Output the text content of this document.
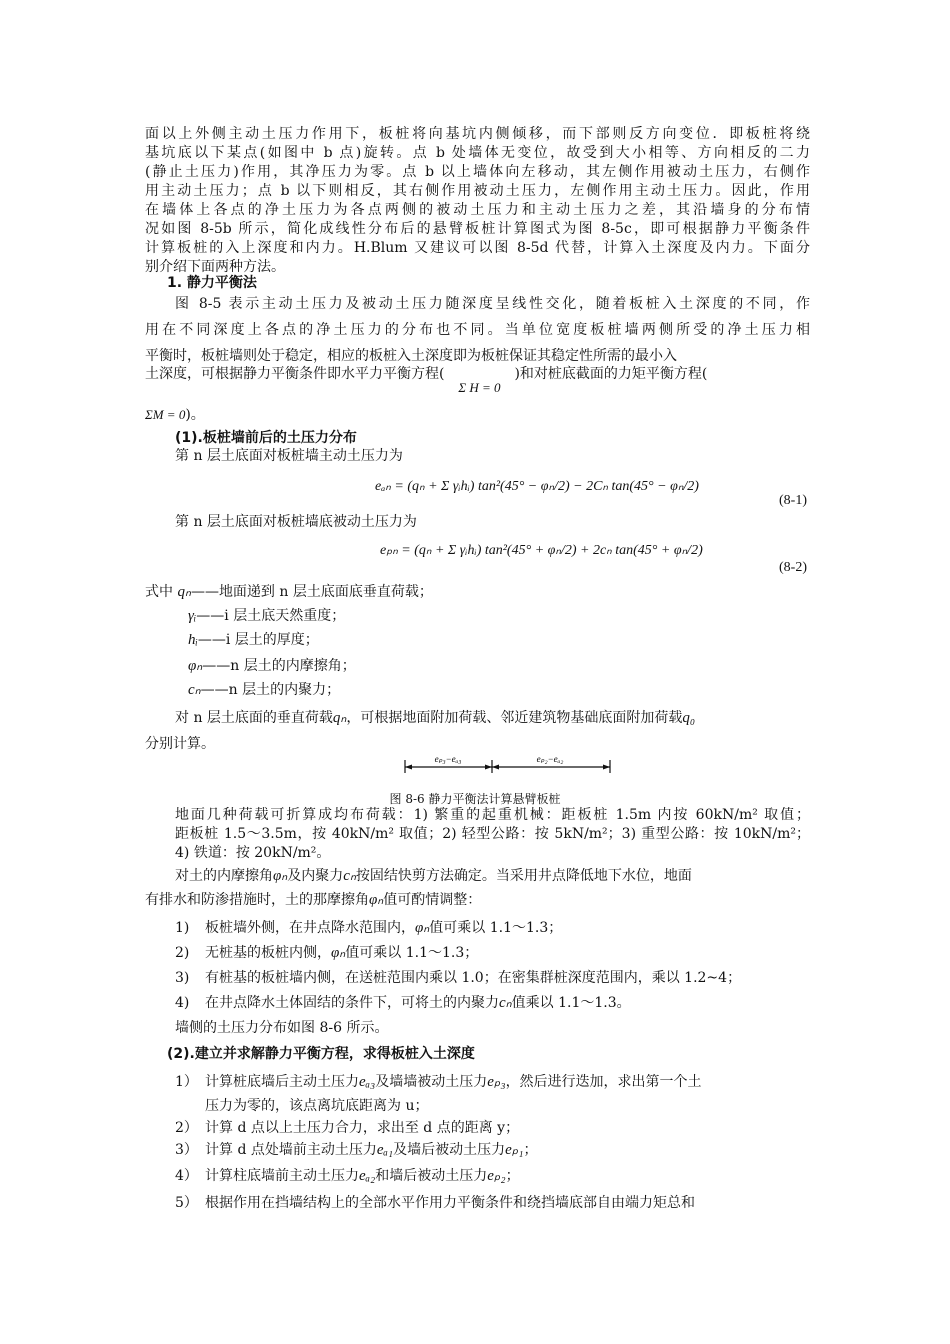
面以上外侧主动土压力作用下，板桩将向基坑内侧倾移，而下部则反方向变位．即板桩将绕
基坑底以下某点(如图中 b 点)旋转。点 b 处墙体无变位，故受到大小相等、方向相反的二力
(静止土压力)作用，其净压力为零。点 b 以上墙体向左移动，其左侧作用被动土压力，右侧作
用主动土压力；点 b 以下则相反，其右侧作用被动土压力，左侧作用主动土压力。因此，作用
在墙体上各点的净土压力为各点两侧的被动土压力和主动土压力之差，其沿墙身的分布情
况如图 8-5b 所示，简化成线性分布后的悬臂板桩计算图式为图 8-5c，即可根据静力平衡条件
计算板桩的入上深度和内力。H.Blum 又建议可以图 8-5d 代替，计算入土深度及内力。下面分
别介绍下面两种方法。
1. 静力平衡法
图 8-5 表示主动土压力及被动土压力随深度呈线性交化，随着板桩入土深度的不同，作
用在不同深度上各点的净土压力的分布也不同。当单位宽度板桩墙两侧所受的净土压力相
平衡时，板桩墙则处于稳定，相应的板桩入土深度即为板桩保证其稳定性所需的最小入
土深度，可根据静力平衡条件即水平力平衡方程(Σ H = 0)和对桩底截面的力矩平衡方程(
ΣM = 0)。
(1).板桩墙前后的土压力分布
第 n 层土底面对板桩墙主动土压力为
eₐₙ = (qₙ + Σ γᵢhᵢ) tan²(45° − φₙ/2) − 2Cₙ tan(45° − φₙ/2)
(8-1)
第 n 层土底面对板桩墙底被动土压力为
eₚₙ = (qₙ + Σ γᵢhᵢ) tan²(45° + φₙ/2) + 2cₙ tan(45° + φₙ/2)
(8-2)
式中 qₙ——地面递到 n 层土底面底垂直荷载；
γᵢ——i 层土底天然重度；
hᵢ——i 层土的厚度；
φₙ——n 层土的内摩擦角；
cₙ——n 层土的内聚力；
对 n 层土底面的垂直荷载qₙ，可根据地面附加荷载、邻近建筑物基础底面附加荷载q₀
分别计算。
eₚ₃−eₐ₃	eₚ₂−eₐ₂
图 8-6 静力平衡法计算悬臂板桩
地面几种荷载可折算成均布荷载：1) 繁重的起重机械：距板桩 1.5m 内按 60kN/m² 取值；
距板桩 1.5～3.5m，按 40kN/m² 取值；2) 轻型公路：按 5kN/m²；3) 重型公路：按 10kN/m²；
4) 铁道：按 20kN/m²。
对土的内摩擦角φₙ及内聚力cₙ按固结快剪方法确定。当采用井点降低地下水位，地面
有排水和防渗措施时，土的那摩擦角φₙ值可酌情调整：
1) 板桩墙外侧，在井点降水范围内，φₙ值可乘以 1.1～1.3；
2) 无桩基的板桩内侧，φₙ值可乘以 1.1～1.3；
3) 有桩基的板桩墙内侧，在送桩范围内乘以 1.0；在密集群桩深度范围内，乘以 1.2~4；
4) 在井点降水土体固结的条件下，可将土的内聚力cₙ值乘以 1.1～1.3。
墙侧的土压力分布如图 8-6 所示。
(2).建立并求解静力平衡方程，求得板桩入土深度
1） 计算桩底墙后主动土压力eₐ₃及墙墙被动土压力eₚ₃，然后进行迭加，求出第一个土
压力为零的，该点离坑底距离为 u；
2） 计算 d 点以上土压力合力，求出至 d 点的距离 y；
3） 计算 d 点处墙前主动土压力eₐ₁及墙后被动土压力eₚ₁；
4） 计算柱底墙前主动土压力eₐ₂和墙后被动土压力eₚ₂；
5） 根据作用在挡墙结构上的全部水平作用力平衡条件和绕挡墙底部自由端力矩总和
